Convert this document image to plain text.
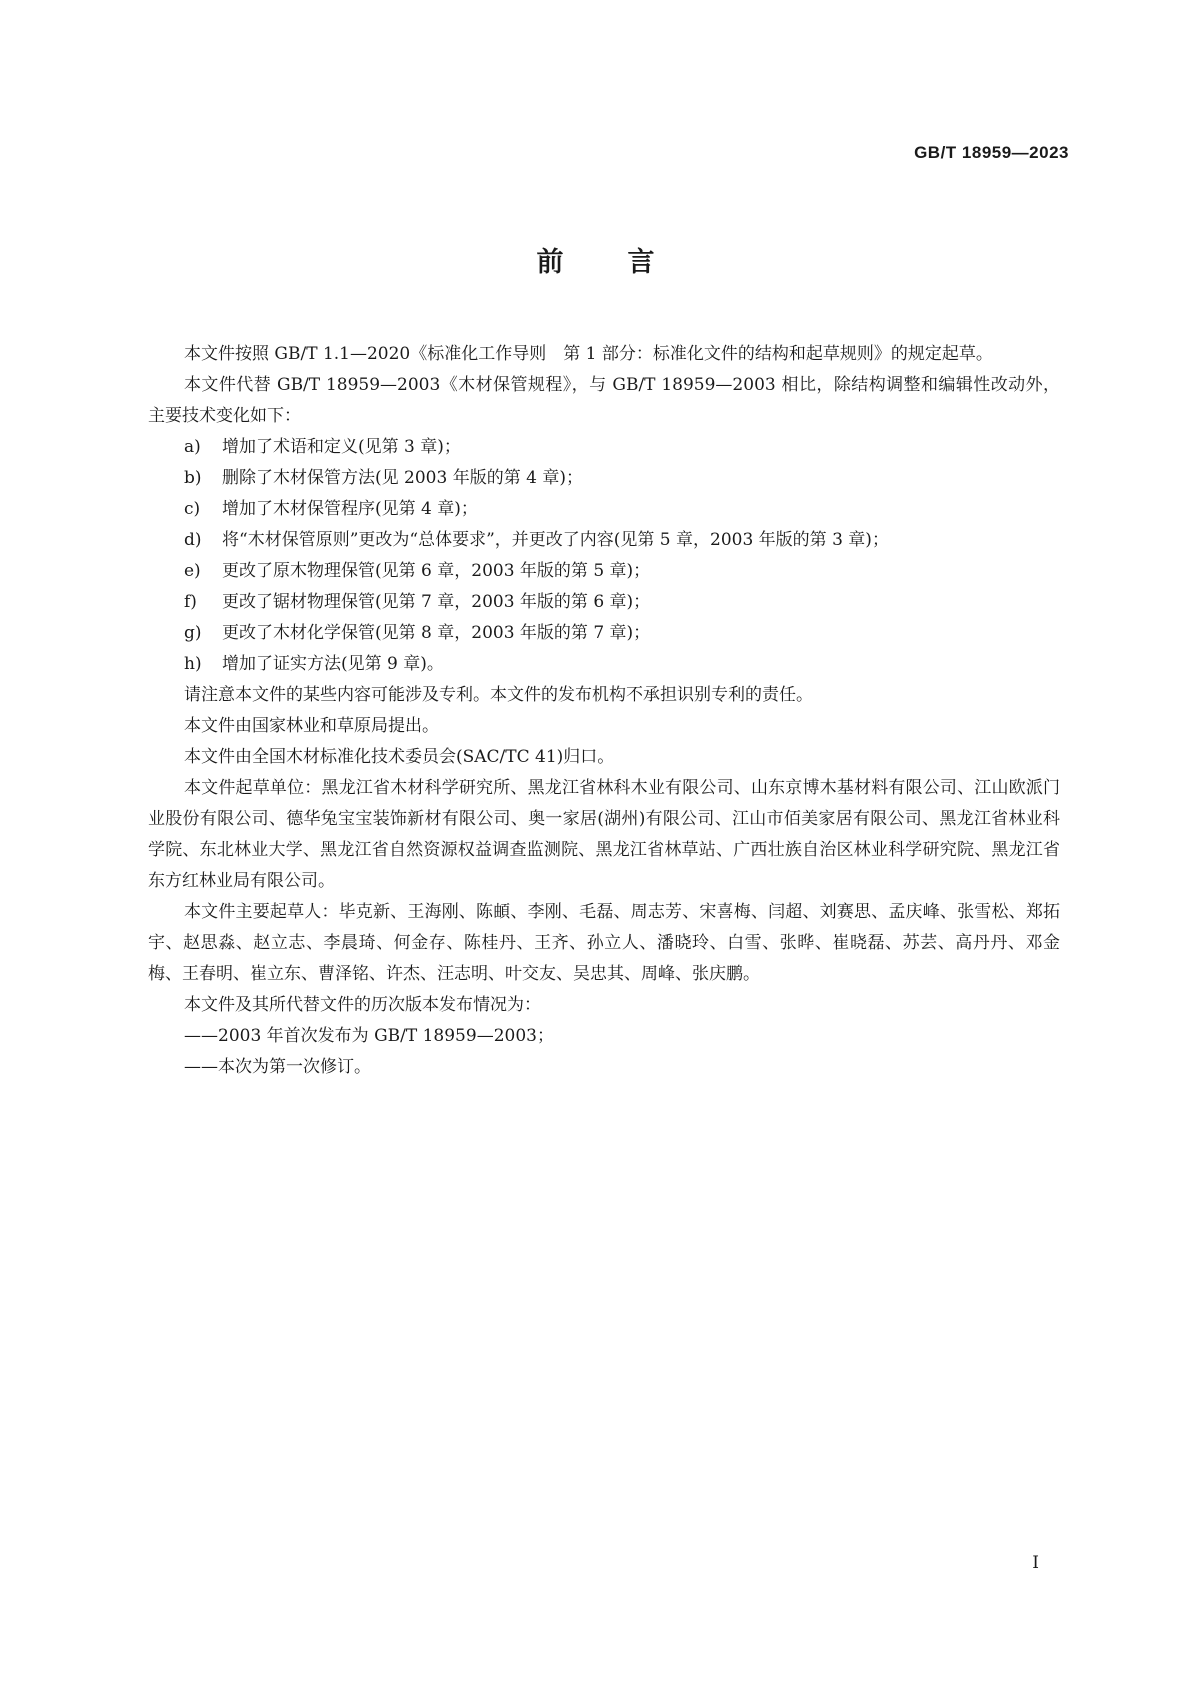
GB/T 18959—2023
前 言

本文件按照 GB/T 1.1—2020《标准化工作导则　第 1 部分：标准化文件的结构和起草规则》的规定起草。

本文件代替 GB/T 18959—2003《木材保管规程》，与 GB/T 18959—2003 相比，除结构调整和编辑性改动外，主要技术变化如下：

a) 增加了术语和定义(见第 3 章)；

b) 删除了木材保管方法(见 2003 年版的第 4 章)；

c) 增加了木材保管程序(见第 4 章)；

d) 将“木材保管原则”更改为“总体要求”，并更改了内容(见第 5 章，2003 年版的第 3 章)；

e) 更改了原木物理保管(见第 6 章，2003 年版的第 5 章)；

f) 更改了锯材物理保管(见第 7 章，2003 年版的第 6 章)；

g) 更改了木材化学保管(见第 8 章，2003 年版的第 7 章)；

h) 增加了证实方法(见第 9 章)。

请注意本文件的某些内容可能涉及专利。本文件的发布机构不承担识别专利的责任。

本文件由国家林业和草原局提出。

本文件由全国木材标准化技术委员会(SAC/TC 41)归口。

本文件起草单位：黑龙江省木材科学研究所、黑龙江省林科木业有限公司、山东京博木基材料有限公司、江山欧派门业股份有限公司、德华兔宝宝装饰新材有限公司、奥一家居(湖州)有限公司、江山市佰美家居有限公司、黑龙江省林业科学院、东北林业大学、黑龙江省自然资源权益调查监测院、黑龙江省林草站、广西壮族自治区林业科学研究院、黑龙江省东方红林业局有限公司。

本文件主要起草人：毕克新、王海刚、陈頔、李刚、毛磊、周志芳、宋喜梅、闫超、刘赛思、孟庆峰、张雪松、郑拓宇、赵思淼、赵立志、李晨琦、何金存、陈桂丹、王齐、孙立人、潘晓玲、白雪、张晔、崔晓磊、苏芸、高丹丹、邓金梅、王春明、崔立东、曹泽铭、许杰、汪志明、叶交友、吴忠其、周峰、张庆鹏。

本文件及其所代替文件的历次版本发布情况为：

——2003 年首次发布为 GB/T 18959—2003；

——本次为第一次修订。

I
